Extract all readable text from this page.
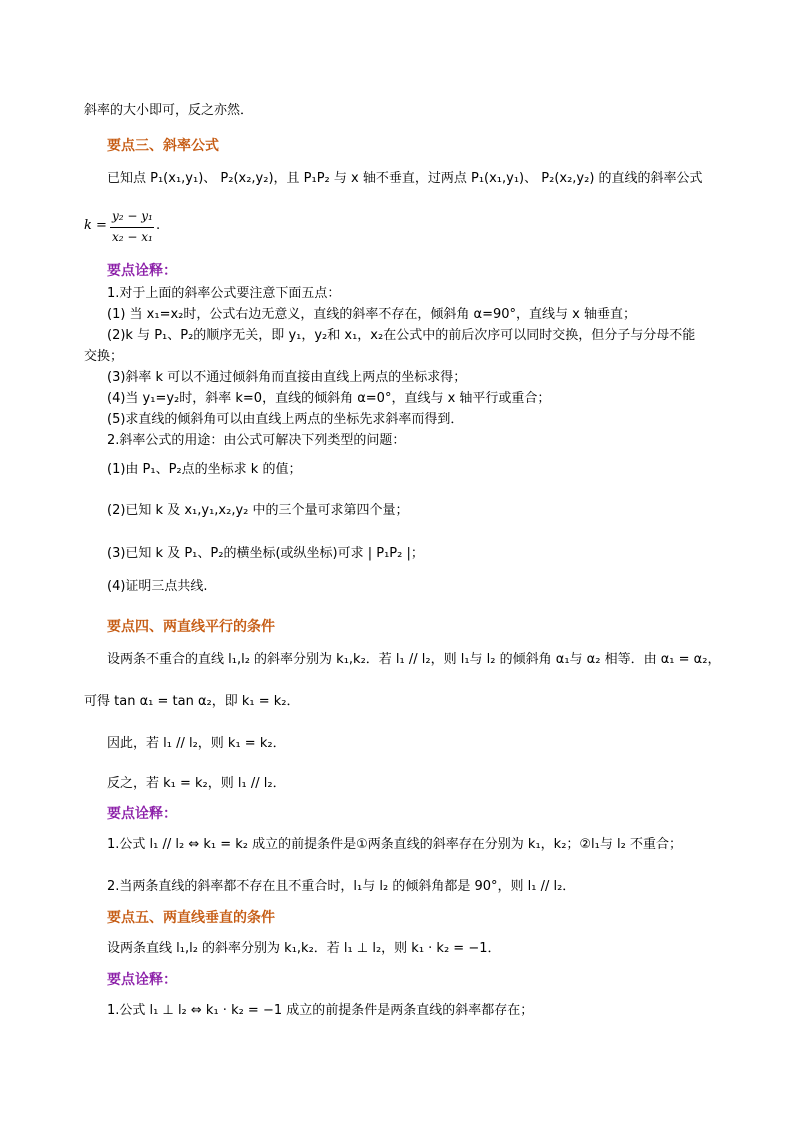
斜率的大小即可，反之亦然．
要点三、斜率公式
已知点 P₁(x₁,y₁)、 P₂(x₂,y₂)，且 P₁P₂ 与 x 轴不垂直，过两点 P₁(x₁,y₁)、 P₂(x₂,y₂) 的直线的斜率公式
k =
y₂ − y₁
x₂ − x₁
.
要点诠释：
1.对于上面的斜率公式要注意下面五点：
(1) 当 x₁=x₂时，公式右边无意义，直线的斜率不存在，倾斜角 α=90°，直线与 x 轴垂直；
(2)k 与 P₁、P₂的顺序无关，即 y₁，y₂和 x₁，x₂在公式中的前后次序可以同时交换，但分子与分母不能
交换；
(3)斜率 k 可以不通过倾斜角而直接由直线上两点的坐标求得；
(4)当 y₁=y₂时，斜率 k=0，直线的倾斜角 α=0°，直线与 x 轴平行或重合；
(5)求直线的倾斜角可以由直线上两点的坐标先求斜率而得到．
2.斜率公式的用途：由公式可解决下列类型的问题：
(1)由 P₁、P₂点的坐标求 k 的值；
(2)已知 k 及 x₁,y₁,x₂,y₂ 中的三个量可求第四个量；
(3)已知 k 及 P₁、P₂的横坐标(或纵坐标)可求 | P₁P₂ |；
(4)证明三点共线.
要点四、两直线平行的条件
设两条不重合的直线 l₁,l₂ 的斜率分别为 k₁,k₂．若 l₁ // l₂，则 l₁与 l₂ 的倾斜角 α₁与 α₂ 相等．由 α₁ = α₂，
可得 tan α₁ = tan α₂，即 k₁ = k₂．
因此，若 l₁ // l₂，则 k₁ = k₂．
反之，若 k₁ = k₂，则 l₁ // l₂．
要点诠释：
1.公式 l₁ // l₂ ⇔ k₁ = k₂ 成立的前提条件是①两条直线的斜率存在分别为 k₁，k₂；②l₁与 l₂ 不重合；
2.当两条直线的斜率都不存在且不重合时，l₁与 l₂ 的倾斜角都是 90°，则 l₁ // l₂．
要点五、两直线垂直的条件
设两条直线 l₁,l₂ 的斜率分别为 k₁,k₂．若 l₁ ⊥ l₂，则 k₁ · k₂ = −1．
要点诠释：
1.公式 l₁ ⊥ l₂ ⇔ k₁ · k₂ = −1 成立的前提条件是两条直线的斜率都存在；
